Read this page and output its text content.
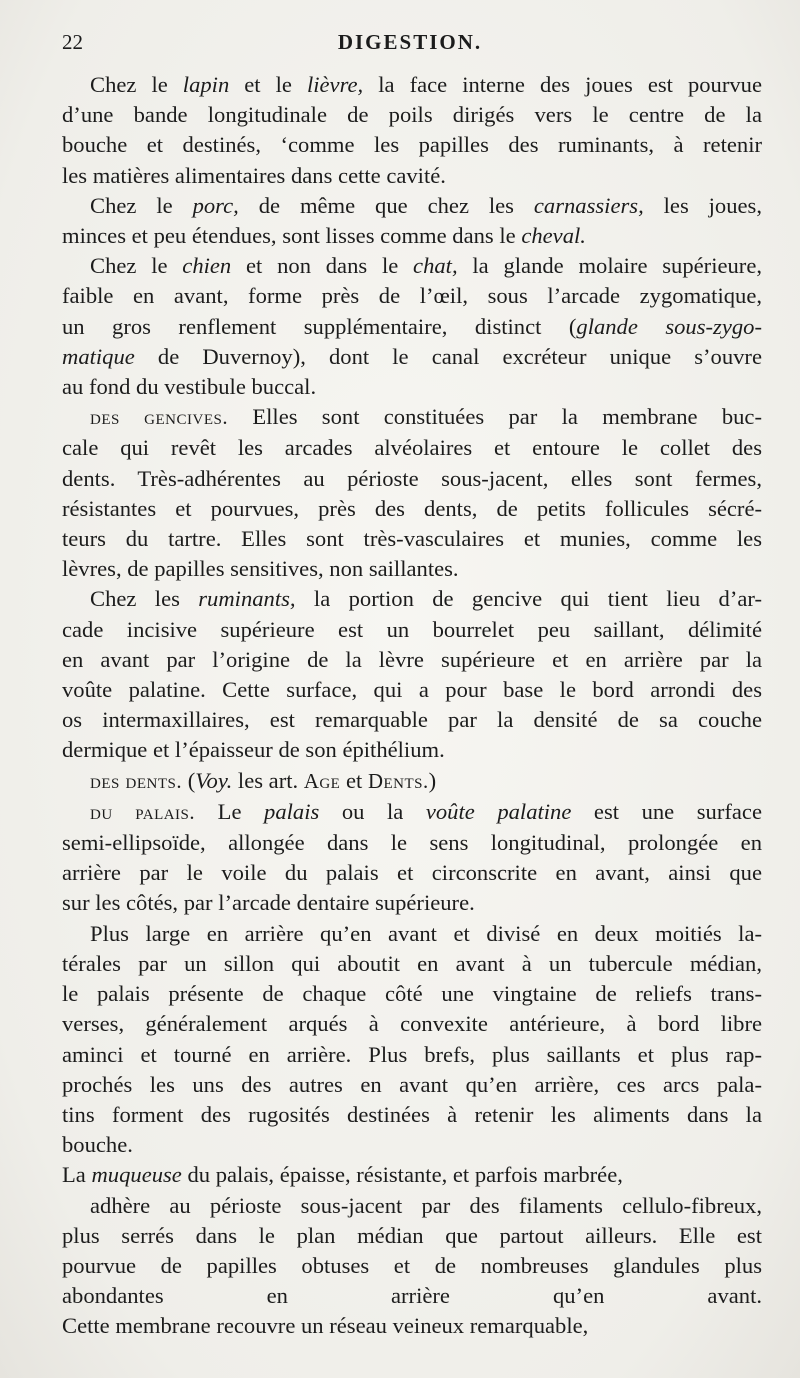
22	DIGESTION.
Chez le lapin et le lièvre, la face interne des joues est pourvue
d’une bande longitudinale de poils dirigés vers le centre de la
bouche et destinés, ‘comme les papilles des ruminants, à retenir
les matières alimentaires dans cette cavité.
Chez le porc, de même que chez les carnassiers, les joues,
minces et peu étendues, sont lisses comme dans le cheval.
Chez le chien et non dans le chat, la glande molaire supérieure,
faible en avant, forme près de l’œil, sous l’arcade zygomatique,
un gros renflement supplémentaire, distinct (glande sous-zygo-
matique de Duvernoy), dont le canal excréteur unique s’ouvre
au fond du vestibule buccal.
des gencives. Elles sont constituées par la membrane buc-
cale qui revêt les arcades alvéolaires et entoure le collet des
dents. Très-adhérentes au périoste sous-jacent, elles sont fermes,
résistantes et pourvues, près des dents, de petits follicules sécré-
teurs du tartre. Elles sont très-vasculaires et munies, comme les
lèvres, de papilles sensitives, non saillantes.
Chez les ruminants, la portion de gencive qui tient lieu d’ar-
cade incisive supérieure est un bourrelet peu saillant, délimité
en avant par l’origine de la lèvre supérieure et en arrière par la
voûte palatine. Cette surface, qui a pour base le bord arrondi des
os intermaxillaires, est remarquable par la densité de sa couche
dermique et l’épaisseur de son épithélium.
des dents. (Voy. les art. Age et Dents.)
du palais. Le palais ou la voûte palatine est une surface
semi-ellipsoïde, allongée dans le sens longitudinal, prolongée en
arrière par le voile du palais et circonscrite en avant, ainsi que
sur les côtés, par l’arcade dentaire supérieure.
Plus large en arrière qu’en avant et divisé en deux moitiés la-
térales par un sillon qui aboutit en avant à un tubercule médian,
le palais présente de chaque côté une vingtaine de reliefs trans-
verses, généralement arqués à convexite antérieure, à bord libre
aminci et tourné en arrière. Plus brefs, plus saillants et plus rap-
prochés les uns des autres en avant qu’en arrière, ces arcs pala-
tins forment des rugosités destinées à retenir les aliments dans la
bouche.
La muqueuse du palais, épaisse, résistante, et parfois marbrée,
adhère au périoste sous-jacent par des filaments cellulo-fibreux,
plus serrés dans le plan médian que partout ailleurs. Elle est
pourvue de papilles obtuses et de nombreuses glandules plus
abondantes en arrière qu’en avant.
Cette membrane recouvre un réseau veineux remarquable,
